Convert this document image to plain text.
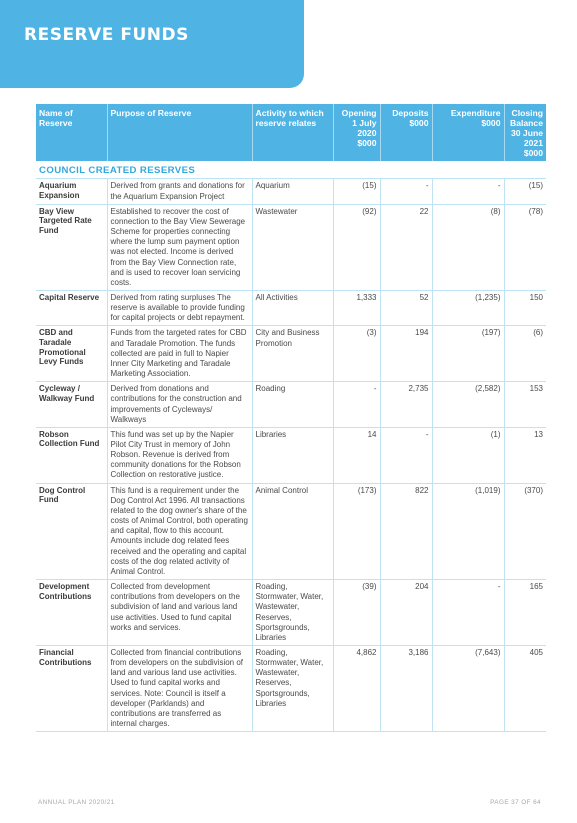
RESERVE FUNDS
Name of Reserve	Purpose of Reserve	Activity to which reserve relates	Opening 1 July 2020 $000	Deposits $000	Expenditure $000	Closing Balance 30 June 2021 $000
COUNCIL CREATED RESERVES						
Aquarium Expansion	Derived from grants and donations for the Aquarium Expansion Project	Aquarium	(15)	-	-	(15)
Bay View Targeted Rate Fund	Established to recover the cost of connection to the Bay View Sewerage Scheme for properties connecting where the lump sum payment option was not elected. Income is derived from the Bay View Connection rate, and is used to recover loan servicing costs.	Wastewater	(92)	22	(8)	(78)
Capital Reserve	Derived from rating surpluses The reserve is available to provide funding for capital projects or debt repayment.	All Activities	1,333	52	(1,235)	150
CBD and Taradale Promotional Levy Funds	Funds from the targeted rates for CBD and Taradale Promotion. The funds collected are paid in full to Napier Inner City Marketing and Taradale Marketing Association.	City and Business Promotion	(3)	194	(197)	(6)
Cycleway / Walkway Fund	Derived from donations and contributions for the construction and improvements of Cycleways/ Walkways	Roading	-	2,735	(2,582)	153
Robson Collection Fund	This fund was set up by the Napier Pilot City Trust in memory of John Robson. Revenue is derived from community donations for the Robson Collection on restorative justice.	Libraries	14	-	(1)	13
Dog Control Fund	This fund is a requirement under the Dog Control Act 1996. All transactions related to the dog owner's share of the costs of Animal Control, both operating and capital, flow to this account. Amounts include dog related fees received and the operating and capital costs of the dog related activity of Animal Control.	Animal Control	(173)	822	(1,019)	(370)
Development Contributions	Collected from development contributions from developers on the subdivision of land and various land use activities. Used to fund capital works and services.	Roading, Stormwater, Water, Wastewater, Reserves, Sportsgrounds, Libraries	(39)	204	-	165
Financial Contributions	Collected from financial contributions from developers on the subdivision of land and various land use activities. Used to fund capital works and services. Note: Council is itself a developer (Parklands) and contributions are transferred as internal charges.	Roading, Stormwater, Water, Wastewater, Reserves, Sportsgrounds, Libraries	4,862	3,186	(7,643)	405
ANNUAL PLAN 2020/21	PAGE 37 OF 64
